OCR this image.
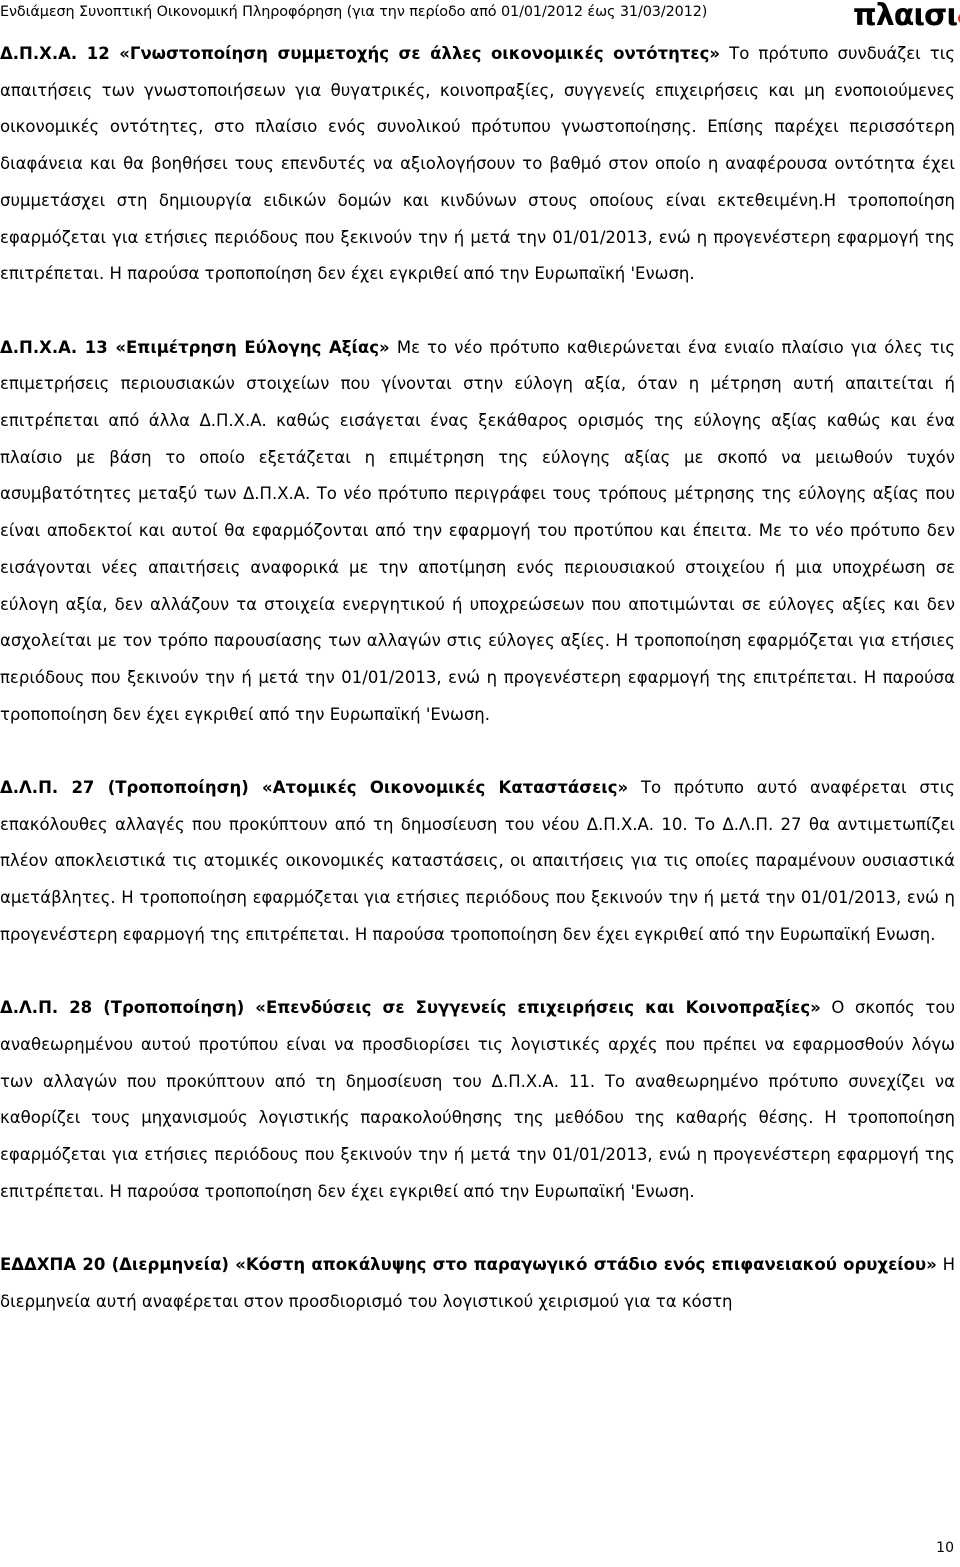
Ενδιάμεση Συνοπτική Οικονομική Πληροφόρηση (για την περίοδο από 01/01/2012 έως 31/03/2012)	πλαισι

Δ.Π.Χ.Α. 12 «Γνωστοποίηση συμμετοχής σε άλλες οικονομικές οντότητες» Το πρότυπο συνδυάζει τις απαιτήσεις των γνωστοποιήσεων για θυγατρικές, κοινοπραξίες, συγγενείς επιχειρήσεις και μη ενοποιούμενες οικονομικές οντότητες, στο πλαίσιο ενός συνολικού πρότυπου γνωστοποίησης. Επίσης παρέχει περισσότερη διαφάνεια και θα βοηθήσει τους επενδυτές να αξιολογήσουν το βαθμό στον οποίο η αναφέρουσα οντότητα έχει συμμετάσχει στη δημιουργία ειδικών δομών και κινδύνων στους οποίους είναι εκτεθειμένη.Η τροποποίηση εφαρμόζεται για ετήσιες περιόδους που ξεκινούν την ή μετά την 01/01/2013, ενώ η προγενέστερη εφαρμογή της επιτρέπεται. Η παρούσα τροποποίηση δεν έχει εγκριθεί από την Ευρωπαϊκή 'Ενωση.

Δ.Π.Χ.Α. 13 «Επιμέτρηση Εύλογης Αξίας» Με το νέο πρότυπο καθιερώνεται ένα ενιαίο πλαίσιο για όλες τις επιμετρήσεις περιουσιακών στοιχείων που γίνονται στην εύλογη αξία, όταν η μέτρηση αυτή απαιτείται ή επιτρέπεται από άλλα Δ.Π.Χ.Α. καθώς εισάγεται ένας ξεκάθαρος ορισμός της εύλογης αξίας καθώς και ένα πλαίσιο με βάση το οποίο εξετάζεται η επιμέτρηση της εύλογης αξίας με σκοπό να μειωθούν τυχόν ασυμβατότητες μεταξύ των Δ.Π.Χ.Α. Το νέο πρότυπο περιγράφει τους τρόπους μέτρησης της εύλογης αξίας που είναι αποδεκτοί και αυτοί θα εφαρμόζονται από την εφαρμογή του προτύπου και έπειτα. Με το νέο πρότυπο δεν εισάγονται νέες απαιτήσεις αναφορικά με την αποτίμηση ενός περιουσιακού στοιχείου ή μια υποχρέωση σε εύλογη αξία, δεν αλλάζουν τα στοιχεία ενεργητικού ή υποχρεώσεων που αποτιμώνται σε εύλογες αξίες και δεν ασχολείται με τον τρόπο παρουσίασης των αλλαγών στις εύλογες αξίες. Η τροποποίηση εφαρμόζεται για ετήσιες περιόδους που ξεκινούν την ή μετά την 01/01/2013, ενώ η προγενέστερη εφαρμογή της επιτρέπεται. Η παρούσα τροποποίηση δεν έχει εγκριθεί από την Ευρωπαϊκή 'Ενωση.

Δ.Λ.Π. 27 (Τροποποίηση) «Ατομικές Οικονομικές Καταστάσεις» Το πρότυπο αυτό αναφέρεται στις επακόλουθες αλλαγές που προκύπτουν από τη δημοσίευση του νέου Δ.Π.Χ.Α. 10. Το Δ.Λ.Π. 27 θα αντιμετωπίζει πλέον αποκλειστικά τις ατομικές οικονομικές καταστάσεις, οι απαιτήσεις για τις οποίες παραμένουν ουσιαστικά αμετάβλητες. Η τροποποίηση εφαρμόζεται για ετήσιες περιόδους που ξεκινούν την ή μετά την 01/01/2013, ενώ η προγενέστερη εφαρμογή της επιτρέπεται. Η παρούσα τροποποίηση δεν έχει εγκριθεί από την Ευρωπαϊκή Ενωση.

Δ.Λ.Π. 28 (Τροποποίηση) «Επενδύσεις σε Συγγενείς επιχειρήσεις και Κοινοπραξίες» Ο σκοπός του αναθεωρημένου αυτού προτύπου είναι να προσδιορίσει τις λογιστικές αρχές που πρέπει να εφαρμοσθούν λόγω των αλλαγών που προκύπτουν από τη δημοσίευση του Δ.Π.Χ.Α. 11. Το αναθεωρημένο πρότυπο συνεχίζει να καθορίζει τους μηχανισμούς λογιστικής παρακολούθησης της μεθόδου της καθαρής θέσης. Η τροποποίηση εφαρμόζεται για ετήσιες περιόδους που ξεκινούν την ή μετά την 01/01/2013, ενώ η προγενέστερη εφαρμογή της επιτρέπεται. Η παρούσα τροποποίηση δεν έχει εγκριθεί από την Ευρωπαϊκή 'Ενωση.

ΕΔΔΧΠΑ 20 (Διερμηνεία) «Κόστη αποκάλυψης στο παραγωγικό στάδιο ενός επιφανειακού ορυχείου» Η διερμηνεία αυτή αναφέρεται στον προσδιορισμό του λογιστικού χειρισμού για τα κόστη

10
